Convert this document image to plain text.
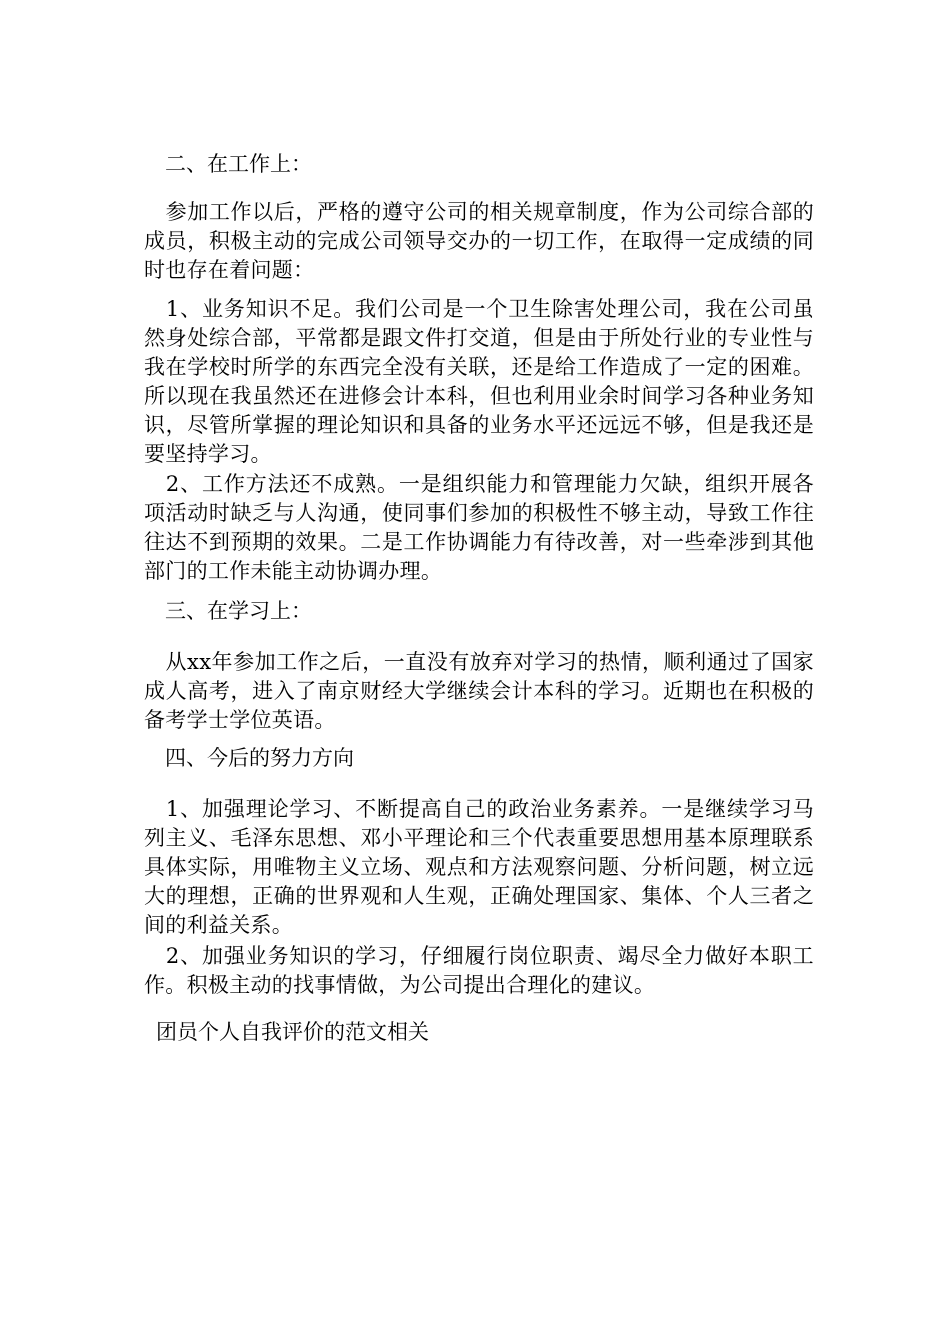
　二、在工作上：
　参加工作以后，严格的遵守公司的相关规章制度，作为公司综合部的成员，积极主动的完成公司领导交办的一切工作，在取得一定成绩的同时也存在着问题：
　1、业务知识不足。我们公司是一个卫生除害处理公司，我在公司虽然身处综合部，平常都是跟文件打交道，但是由于所处行业的专业性与我在学校时所学的东西完全没有关联，还是给工作造成了一定的困难。所以现在我虽然还在进修会计本科，但也利用业余时间学习各种业务知识，尽管所掌握的理论知识和具备的业务水平还远远不够，但是我还是要坚持学习。
　2、工作方法还不成熟。一是组织能力和管理能力欠缺，组织开展各项活动时缺乏与人沟通，使同事们参加的积极性不够主动，导致工作往往达不到预期的效果。二是工作协调能力有待改善，对一些牵涉到其他部门的工作未能主动协调办理。
　三、在学习上：
　从xx年参加工作之后，一直没有放弃对学习的热情，顺利通过了国家成人高考，进入了南京财经大学继续会计本科的学习。近期也在积极的备考学士学位英语。
　四、今后的努力方向
　1、加强理论学习、不断提高自己的政治业务素养。一是继续学习马列主义、毛泽东思想、邓小平理论和三个代表重要思想用基本原理联系具体实际，用唯物主义立场、观点和方法观察问题、分析问题，树立远大的理想，正确的世界观和人生观，正确处理国家、集体、个人三者之间的利益关系。
　2、加强业务知识的学习，仔细履行岗位职责、竭尽全力做好本职工作。积极主动的找事情做，为公司提出合理化的建议。
团员个人自我评价的范文相关
